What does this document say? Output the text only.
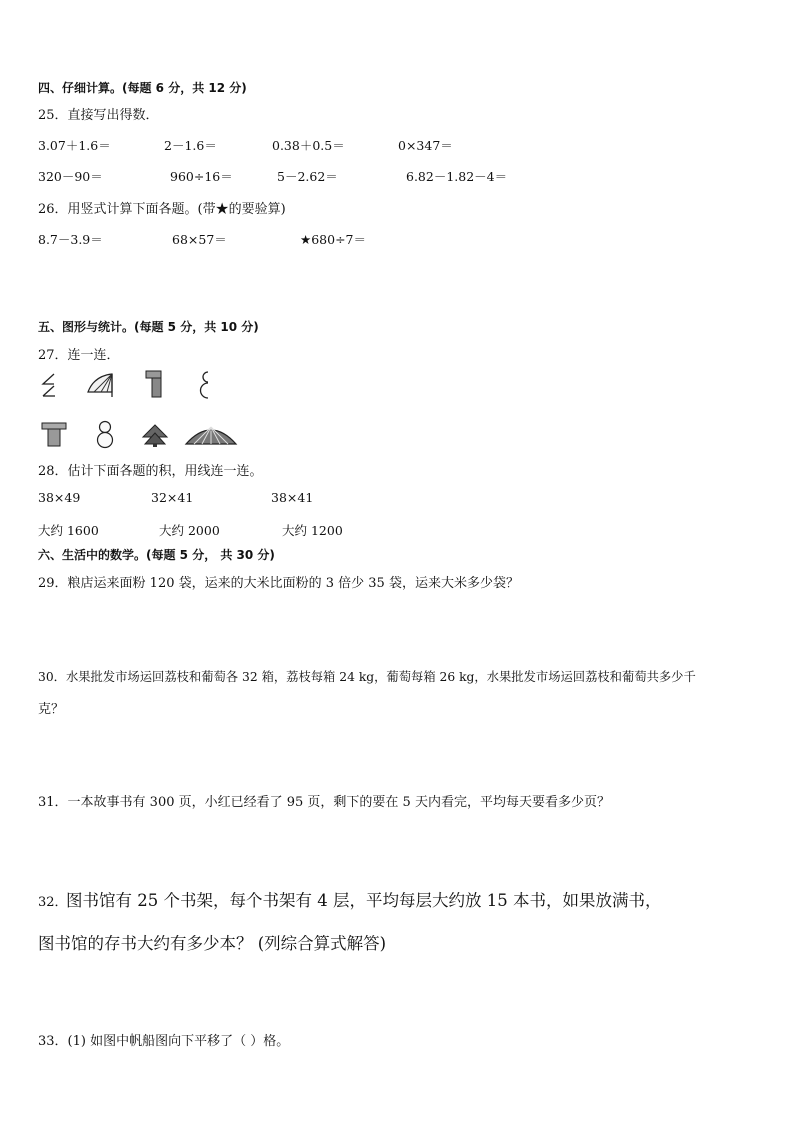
四、仔细计算。(每题 6 分，共 12 分)
25．直接写出得数．
3.07＋1.6＝	2－1.6＝	0.38＋0.5＝	0×347＝
320－90＝	960÷16＝	5－2.62＝	6.82－1.82－4＝
26．用竖式计算下面各题。(带★的要验算)
8.7－3.9＝	68×57＝	★680÷7＝
五、图形与统计。(每题 5 分，共 10 分)
27．连一连．
28．估计下面各题的积，用线连一连。
38×49	32×41	38×41
大约 1600	大约 2000	大约 1200
六、生活中的数学。(每题 5 分， 共 30 分)
29．粮店运来面粉 120 袋，运来的大米比面粉的 3 倍少 35 袋，运来大米多少袋？
30．水果批发市场运回荔枝和葡萄各 32 箱，荔枝每箱 24 kg，葡萄每箱 26 kg，水果批发市场运回荔枝和葡萄共多少千
克？
31．一本故事书有 300 页，小红已经看了 95 页，剩下的要在 5 天内看完，平均每天要看多少页？
32．
图书馆有 25 个书架，每个书架有 4 层，平均每层大约放 15 本书，如果放满书，
图书馆的存书大约有多少本？ (列综合算式解答)
33．(1) 如图中帆船图向下平移了（ ）格。
